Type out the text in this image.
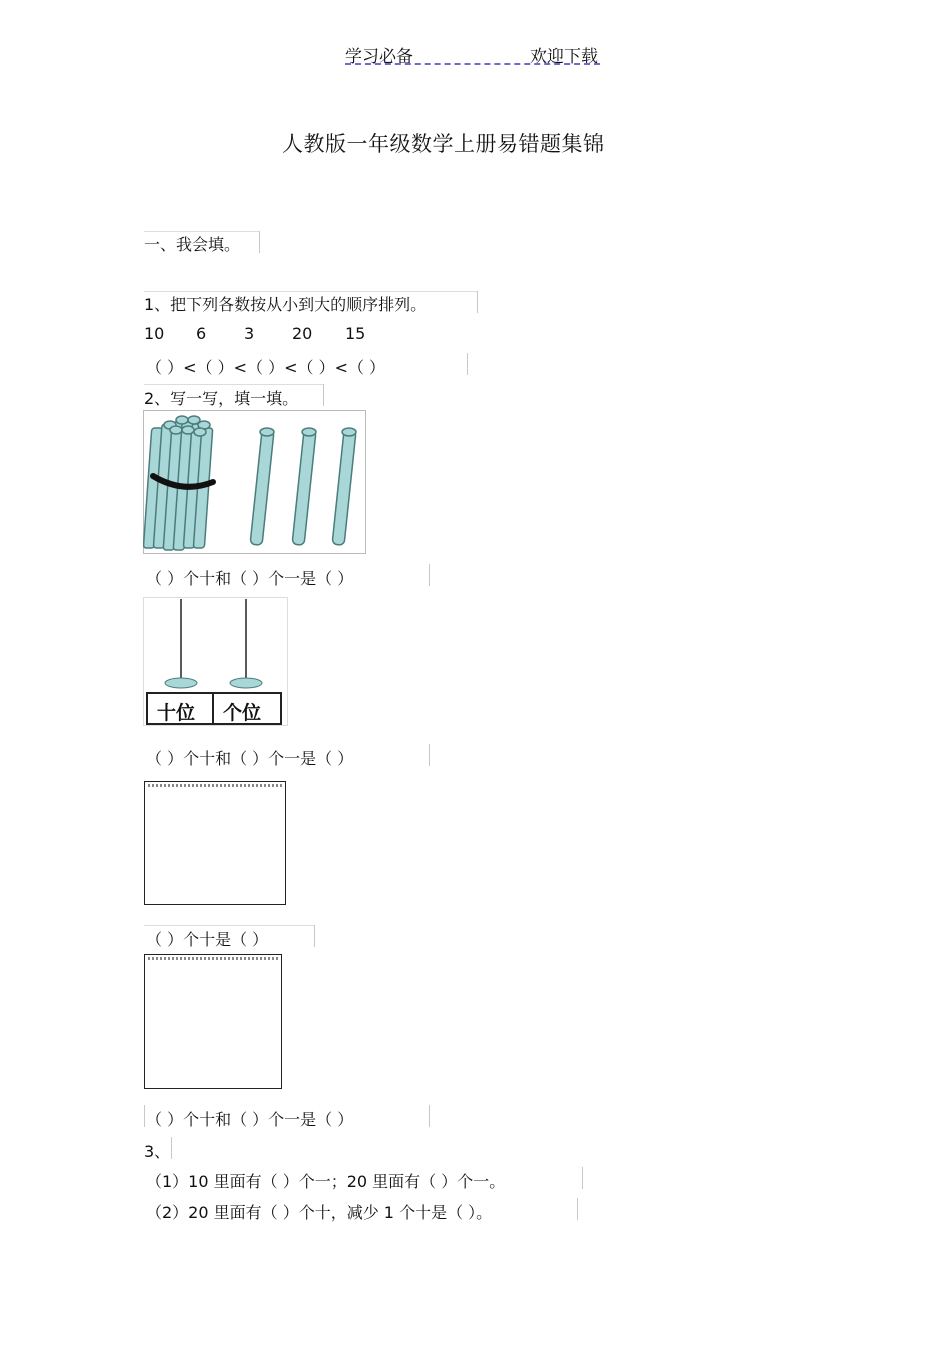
学习必备	欢迎下载
人教版一年级数学上册易错题集锦
一、我会填。
1、把下列各数按从小到大的顺序排列。
10 6 3 20 15
（ ）<（ ）<（ ）<（ ）<（ ）
2、写一写，填一填。
（ ）个十和（ ）个一是（ ）
十位 个位
（ ）个十和（ ）个一是（ ）
（ ）个十是（ ）
（ ）个十和（ ）个一是（ ）
3、
（1）10 里面有（ ）个一；20 里面有（ ）个一。
（2）20 里面有（ ）个十，减少 1 个十是（ ）。
